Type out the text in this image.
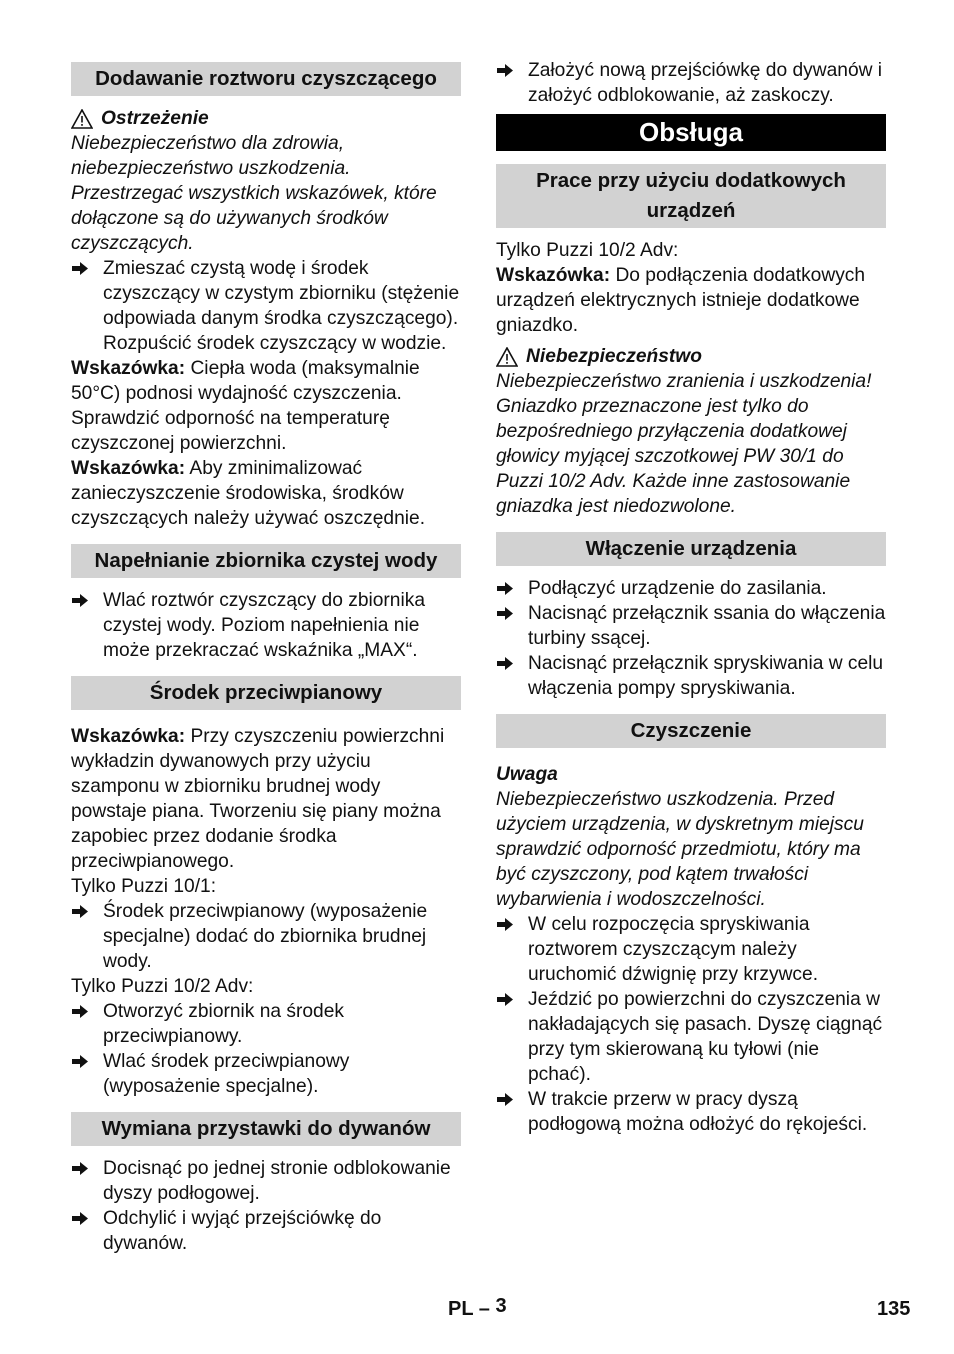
Dodawanie roztworu czyszczącego

Ostrzeżenie

Niebezpieczeństwo dla zdrowia, niebezpieczeństwo uszkodzenia. Przestrzegać wszystkich wskazówek, które dołączone są do używanych środków czyszczących.

Zmieszać czystą wodę i środek czyszczący w czystym zbiorniku (stężenie odpowiada danym środka czyszczącego).

Rozpuścić środek czyszczący w wodzie.

Wskazówka: Ciepła woda (maksymalnie 50°C) podnosi wydajność czyszczenia. Sprawdzić odporność na temperaturę czyszczonej powierzchni.

Wskazówka: Aby zminimalizować zanieczyszczenie środowiska, środków czyszczących należy używać oszczędnie.

Napełnianie zbiornika czystej wody
Wlać roztwór czyszczący do zbiornika czystej wody. Poziom napełnienia nie może przekraczać wskaźnika „MAX“.
Środek przeciwpianowy

Wskazówka: Przy czyszczeniu powierzchni wykładzin dywanowych przy użyciu szamponu w zbiorniku brudnej wody powstaje piana. Tworzeniu się piany można zapobiec przez dodanie środka przeciwpianowego.

Tylko Puzzi 10/1:

Środek przeciwpianowy (wyposażenie specjalne) dodać do zbiornika brudnej wody.

Tylko Puzzi 10/2 Adv:

Otworzyć zbiornik na środek przeciwpianowy.
Wlać środek przeciwpianowy (wyposażenie specjalne).
Wymiana przystawki do dywanów
Docisnąć po jednej stronie odblokowanie dyszy podłogowej.
Odchylić i wyjąć przejściówkę do dywanów.
Założyć nową przejściówkę do dywanów i założyć odblokowanie, aż zaskoczy.
Obsługa
Prace przy użyciu dodatkowych urządzeń

Tylko Puzzi 10/2 Adv:

Wskazówka: Do podłączenia dodatkowych urządzeń elektrycznych istnieje dodatkowe gniazdko.

Niebezpieczeństwo

Niebezpieczeństwo zranienia i uszkodzenia! Gniazdko przeznaczone jest tylko do bezpośredniego przyłączenia dodatkowej głowicy myjącej szczotkowej PW 30/1 do Puzzi 10/2 Adv. Każde inne zastosowanie gniazdka jest niedozwolone.

Włączenie urządzenia
Podłączyć urządzenie do zasilania.
Nacisnąć przełącznik ssania do włączenia turbiny ssącej.
Nacisnąć przełącznik spryskiwania w celu włączenia pompy spryskiwania.
Czyszczenie

Uwaga

Niebezpieczeństwo uszkodzenia. Przed użyciem urządzenia, w dyskretnym miejscu sprawdzić odporność przedmiotu, który ma być czyszczony, pod kątem trwałości wybarwienia i wodoszczelności.

W celu rozpoczęcia spryskiwania roztworem czyszczącym należy uruchomić dźwignię przy krzywce.
Jeździć po powierzchni do czyszczenia w nakładających się pasach. Dyszę ciągnąć przy tym skierowaną ku tyłowi (nie pchać).
W trakcie przerw w pracy dyszą podłogową można odłożyć do rękojeści.
PL – 3	135
